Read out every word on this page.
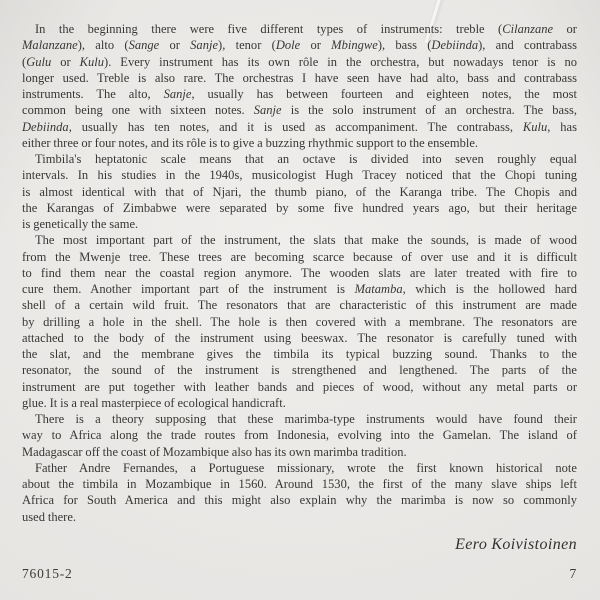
In the beginning there were five different types of instruments: treble (Cilanzane or
Malanzane), alto (Sange or Sanje), tenor (Dole or Mbingwe), bass (Debiinda), and contrabass
(Gulu or Kulu). Every instrument has its own rôle in the orchestra, but nowadays tenor is no
longer used. Treble is also rare. The orchestras I have seen have had alto, bass and contrabass
instruments. The alto, Sanje, usually has between fourteen and eighteen notes, the most
common being one with sixteen notes. Sanje is the solo instrument of an orchestra. The bass,
Debiinda, usually has ten notes, and it is used as accompaniment. The contrabass, Kulu, has
either three or four notes, and its rôle is to give a buzzing rhythmic support to the ensemble.

Timbila's heptatonic scale means that an octave is divided into seven roughly equal
intervals. In his studies in the 1940s, musicologist Hugh Tracey noticed that the Chopi tuning
is almost identical with that of Njari, the thumb piano, of the Karanga tribe. The Chopis and
the Karangas of Zimbabwe were separated by some five hundred years ago, but their heritage
is genetically the same.

The most important part of the instrument, the slats that make the sounds, is made of wood
from the Mwenje tree. These trees are becoming scarce because of over use and it is difficult
to find them near the coastal region anymore. The wooden slats are later treated with fire to
cure them. Another important part of the instrument is Matamba, which is the hollowed hard
shell of a certain wild fruit. The resonators that are characteristic of this instrument are made
by drilling a hole in the shell. The hole is then covered with a membrane. The resonators are
attached to the body of the instrument using beeswax. The resonator is carefully tuned with
the slat, and the membrane gives the timbila its typical buzzing sound. Thanks to the
resonator, the sound of the instrument is strengthened and lengthened. The parts of the
instrument are put together with leather bands and pieces of wood, without any metal parts or
glue. It is a real masterpiece of ecological handicraft.

There is a theory supposing that these marimba-type instruments would have found their
way to Africa along the trade routes from Indonesia, evolving into the Gamelan. The island of
Madagascar off the coast of Mozambique also has its own marimba tradition.

Father Andre Fernandes, a Portuguese missionary, wrote the first known historical note
about the timbila in Mozambique in 1560. Around 1530, the first of the many slave ships left
Africa for South America and this might also explain why the marimba is now so commonly
used there.

Eero Koivistoinen
76015-2	7
